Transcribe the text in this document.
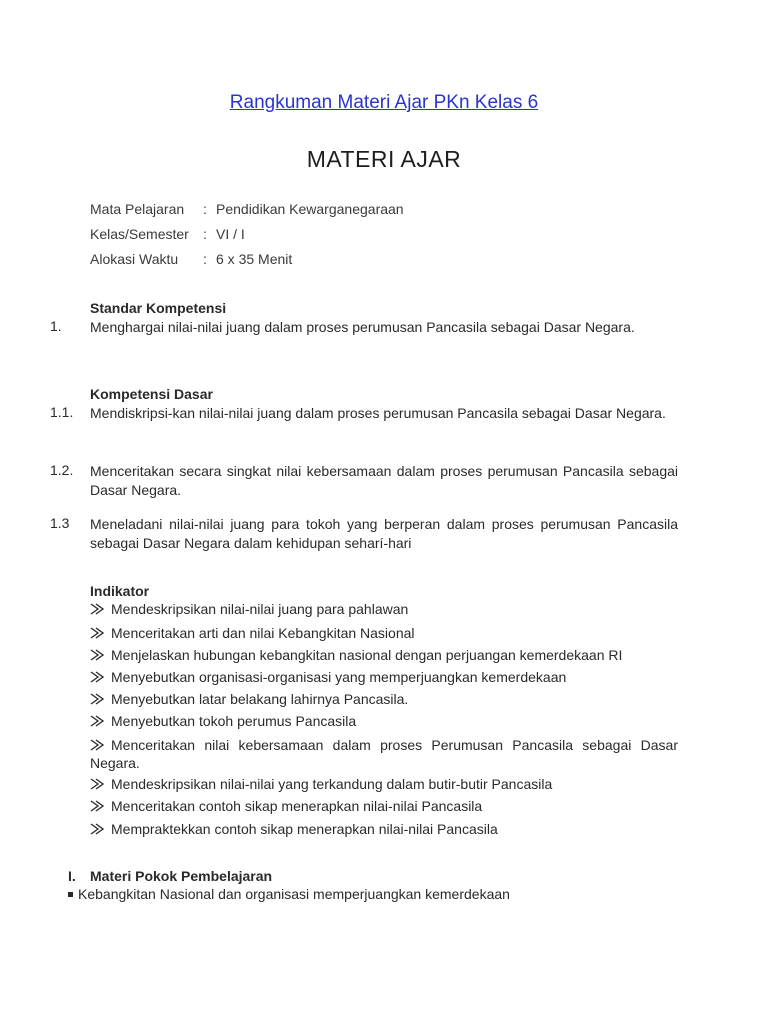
Rangkuman Materi Ajar PKn Kelas 6
MATERI AJAR
Mata Pelajaran : Pendidikan Kewarganegaraan
Kelas/Semester : VI / I
Alokasi Waktu : 6 x 35 Menit
Standar Kompetensi
1. Menghargai nilai-nilai juang dalam proses perumusan Pancasila sebagai Dasar Negara.
Kompetensi Dasar
1.1. Mendiskripsi-kan nilai-nilai juang dalam proses perumusan Pancasila sebagai Dasar Negara.
1.2. Menceritakan secara singkat nilai kebersamaan dalam proses perumusan Pancasila sebagai Dasar Negara.
1.3 Meneladani nilai-nilai juang para tokoh yang berperan dalam proses perumusan Pancasila sebagai Dasar Negara dalam kehidupan seharí-hari
Indikator
Mendeskripsikan nilai-nilai juang para pahlawan
Menceritakan arti dan nilai Kebangkitan Nasional
Menjelaskan hubungan kebangkitan nasional dengan perjuangan kemerdekaan RI
Menyebutkan organisasi-organisasi yang memperjuangkan kemerdekaan
Menyebutkan latar belakang lahirnya Pancasila.
Menyebutkan tokoh perumus Pancasila
Menceritakan nilai kebersamaan dalam proses Perumusan Pancasila sebagai Dasar Negara.
Mendeskripsikan nilai-nilai yang terkandung dalam butir-butir Pancasila
Menceritakan contoh sikap menerapkan nilai-nilai Pancasila
Mempraktekkan contoh sikap menerapkan nilai-nilai Pancasila
I. Materi Pokok Pembelajaran
Kebangkitan Nasional dan organisasi memperjuangkan kemerdekaan
